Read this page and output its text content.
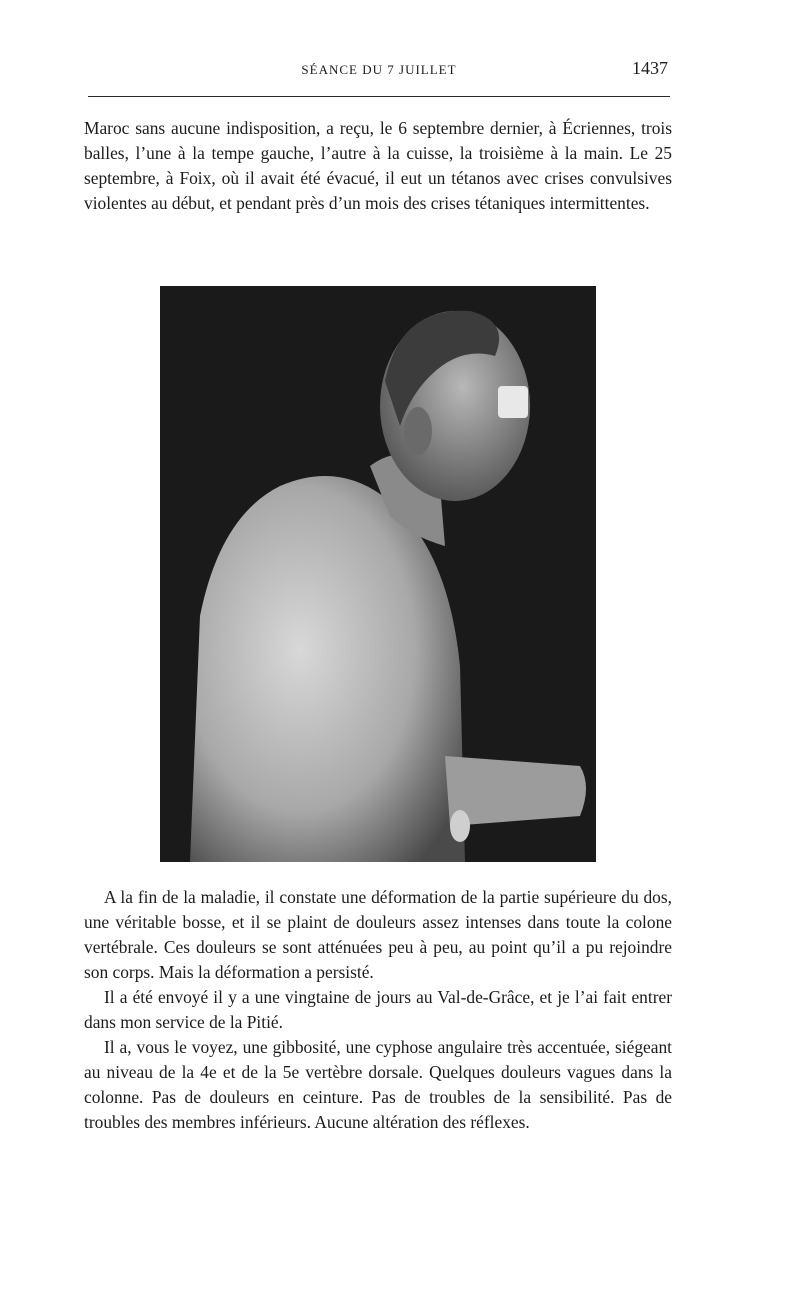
SÉANCE DU 7 JUILLET	1437

Maroc sans aucune indisposition, a reçu, le 6 septembre dernier, à Écriennes, trois balles, l’une à la tempe gauche, l’autre à la cuisse, la troisième à la main. Le 25 septembre, à Foix, où il avait été évacué, il eut un tétanos avec crises convulsives violentes au début, et pendant près d’un mois des crises tétaniques intermittentes.

A la fin de la maladie, il constate une déformation de la partie supérieure du dos, une véritable bosse, et il se plaint de douleurs assez intenses dans toute la colone vertébrale. Ces douleurs se sont atténuées peu à peu, au point qu’il a pu rejoindre son corps. Mais la déformation a persisté.

Il a été envoyé il y a une vingtaine de jours au Val-de-Grâce, et je l’ai fait entrer dans mon service de la Pitié.

Il a, vous le voyez, une gibbosité, une cyphose angulaire très accentuée, siégeant au niveau de la 4e et de la 5e vertèbre dorsale. Quelques douleurs vagues dans la colonne. Pas de douleurs en ceinture. Pas de troubles de la sensibilité. Pas de troubles des membres inférieurs. Aucune altération des réflexes.
